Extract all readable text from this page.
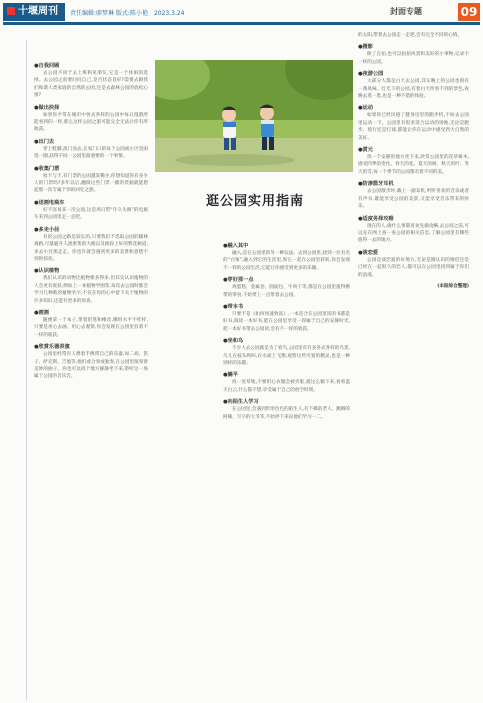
十堰周刊	责任编辑:廖梦琳 版式:陈小艳 2023.3.24	封面专题	09
逛公园实用指南
●自我回顾
去公园不同于去上班和见朋友,它是一个休闲的选择。去公园之前要问问自己,是否状态良好?需要去跟我们和谐人类家庭的自然的公园,还是去森林公园的放松心情?
●做出抉择
如果你平常在城市中各式各样的公园中每日漫游所能看到的一样,那么这样公园之旅可能完全无法让你有所收获。
●出门去
穿上鞋脚,准门而去,在家门口的每个公园或小区里闲逛一圈,获得不同一公园里最重要的一个事情。
●收集门票
收卡与卡,有门票的公园越发稀少,你想知道你有多少人的门票吗?多年以后,翻阅这些门票一摞的票据就能想起那一次专属于你的回忆之旅。
●送画电瓶车
好不容易来一次公园,这是周日带“年久失修”的电瓶车来到公园里走一走吧。
●多走小径
有的公园之路是较长的,只要我们不选取公园的辅林观路,尽量避开人流密集的大路以及路段上好的繁花树道,多去小径那走走。你也许就会遇到更多的美景和意想不到的惊喜。
●认识植物
我们认识的动物比植物要多得多,但其实认识植物的人会更有收获,例如上一本植物学图鉴,每次去公园时都会学习几种新的植物名字,不仅在你的心中留下关于植物的许多知识,还能有更多的惊喜。
●画画
随便拿一个本子,带着铅笔和橡皮,哪怕水平不咋样,只要是用心去画、用心去观察,你会发现在公园里有着不一样的收获。
●欣赏乐器表演
公园里经常有人携着手携带自己的乐器,如二胡、笛子、萨克斯、吉他等,他们或合奏或独奏,在公园里演奏着美妙的曲子。你也可以找个地方静静坐下来,聆听这一场属于公园的音乐会。
●融入其中
融入,是在公园里的另一种玩法。去到公园里,找到一位有名的“白领”,融入到它的生活里,和它一起在公园里转转,你会发现不一样的公园生活,它能让你感受到更多的乐趣。
●穿好那一点
鸡蛋糕、金属卷、圆面包、牛肉干等,都是在公园里值得携带的零食,不妨带上一点带着去公园。
●带本书
只要不是《如何快速致富》,一本适合在公园里读的书都是好书,阅读一本好书,能在公园里享受一段属于自己的安静时光,把一本好书带去公园读,会有不一样的收获。
●坐和乌
不少人去公园就是为了看鸟,公园里有许多各式各样的鸟类,鸟儿在枝头鸣叫,在水面上飞翔,观察这些可爱的精灵,也是一种别样的乐趣。
●躺平
找一处草地,不要担心衣服会被弄脏,就这么躺下来,看看蓝天白云,什么都不想,享受属于自己的放空时刻。
●向陌生人学习
在公园里,会遇到形形色色的陌生人,有下棋的老人、跳舞的阿姨、写字的大爷等,不妨停下来向他们学习一二。
的太阳,带着去公园走一走吧,会有完全不同的心情。
●摄影
除了自拍,也可以拍拍风景和美好的小事物,记录不一样的公园。
●夜游公园
大部分人都是白天去公园,其实晚上的公园也别有一番风味。灯光下的公园,有着白天所看不到的景色,夜晚去逛一逛,也是一种不错的体验。
●运动
如果你已经厌倦了健身房里的跑步机,不妨去公园里运动一下。公园里有很多适合运动的场地,无论是跑步、骑行还是打球,都能让你在运动中感受到大自然的美好。
●赏元
找一个安静的地方坐下来,欣赏公园里的花草树木,感受四季的变化。春天的花、夏天的树、秋天的叶、冬天的雪,每一个季节的公园都有着不同的美。
●防渗篮牙耳机
去公园散步时,戴上一副耳机,听听喜欢的音乐或者有声书,既能享受公园的美景,又能享受音乐带来的快乐。
●适度务择攻略
现在的人,做什么事都喜欢先做攻略,去公园之前,可以先在网上查一查公园的相关信息,了解公园里有哪些值得一去的地方。
●谈恋爱
公园是谈恋爱的好地方,无论是刚认识的情侣还是已经在一起很久的恋人,都可以在公园里找到属于你们的浪漫。
(本报综合整理)
